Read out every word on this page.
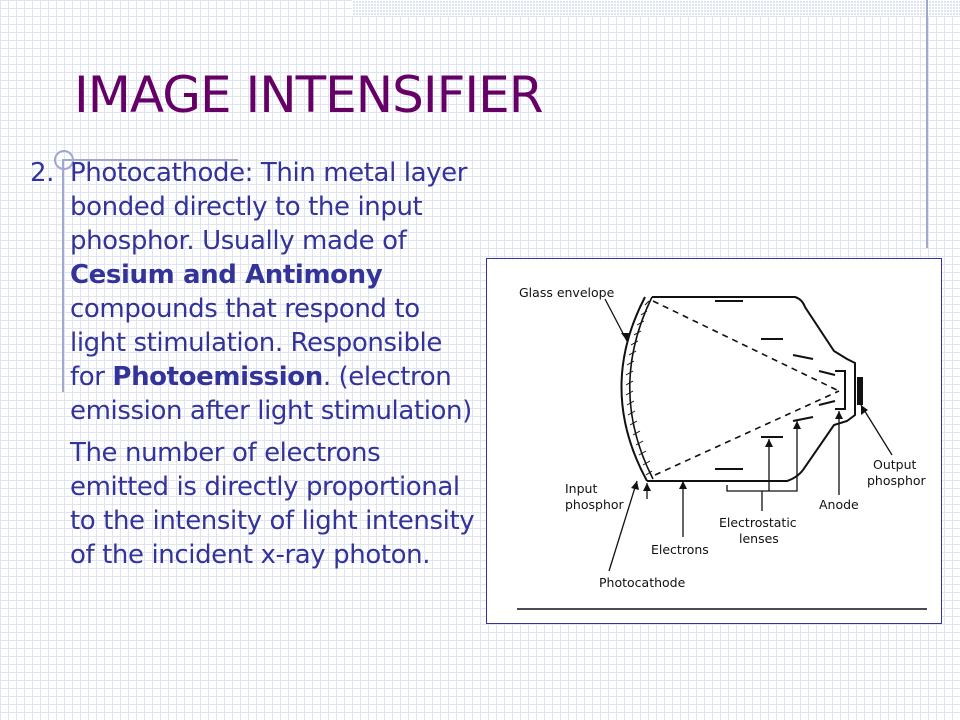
IMAGE INTENSIFIER
2. Photocathode: Thin metal layer bonded directly to the input phosphor. Usually made of Cesium and Antimony compounds that respond to light stimulation. Responsible for Photoemission. (electron emission after light stimulation)

The number of electrons emitted is directly proportional to the intensity of light intensity of the incident x-ray photon.

Glass envelope
Input
phosphor
Electrons
Photocathode
Electrostatic
lenses
Anode
Output
phosphor
